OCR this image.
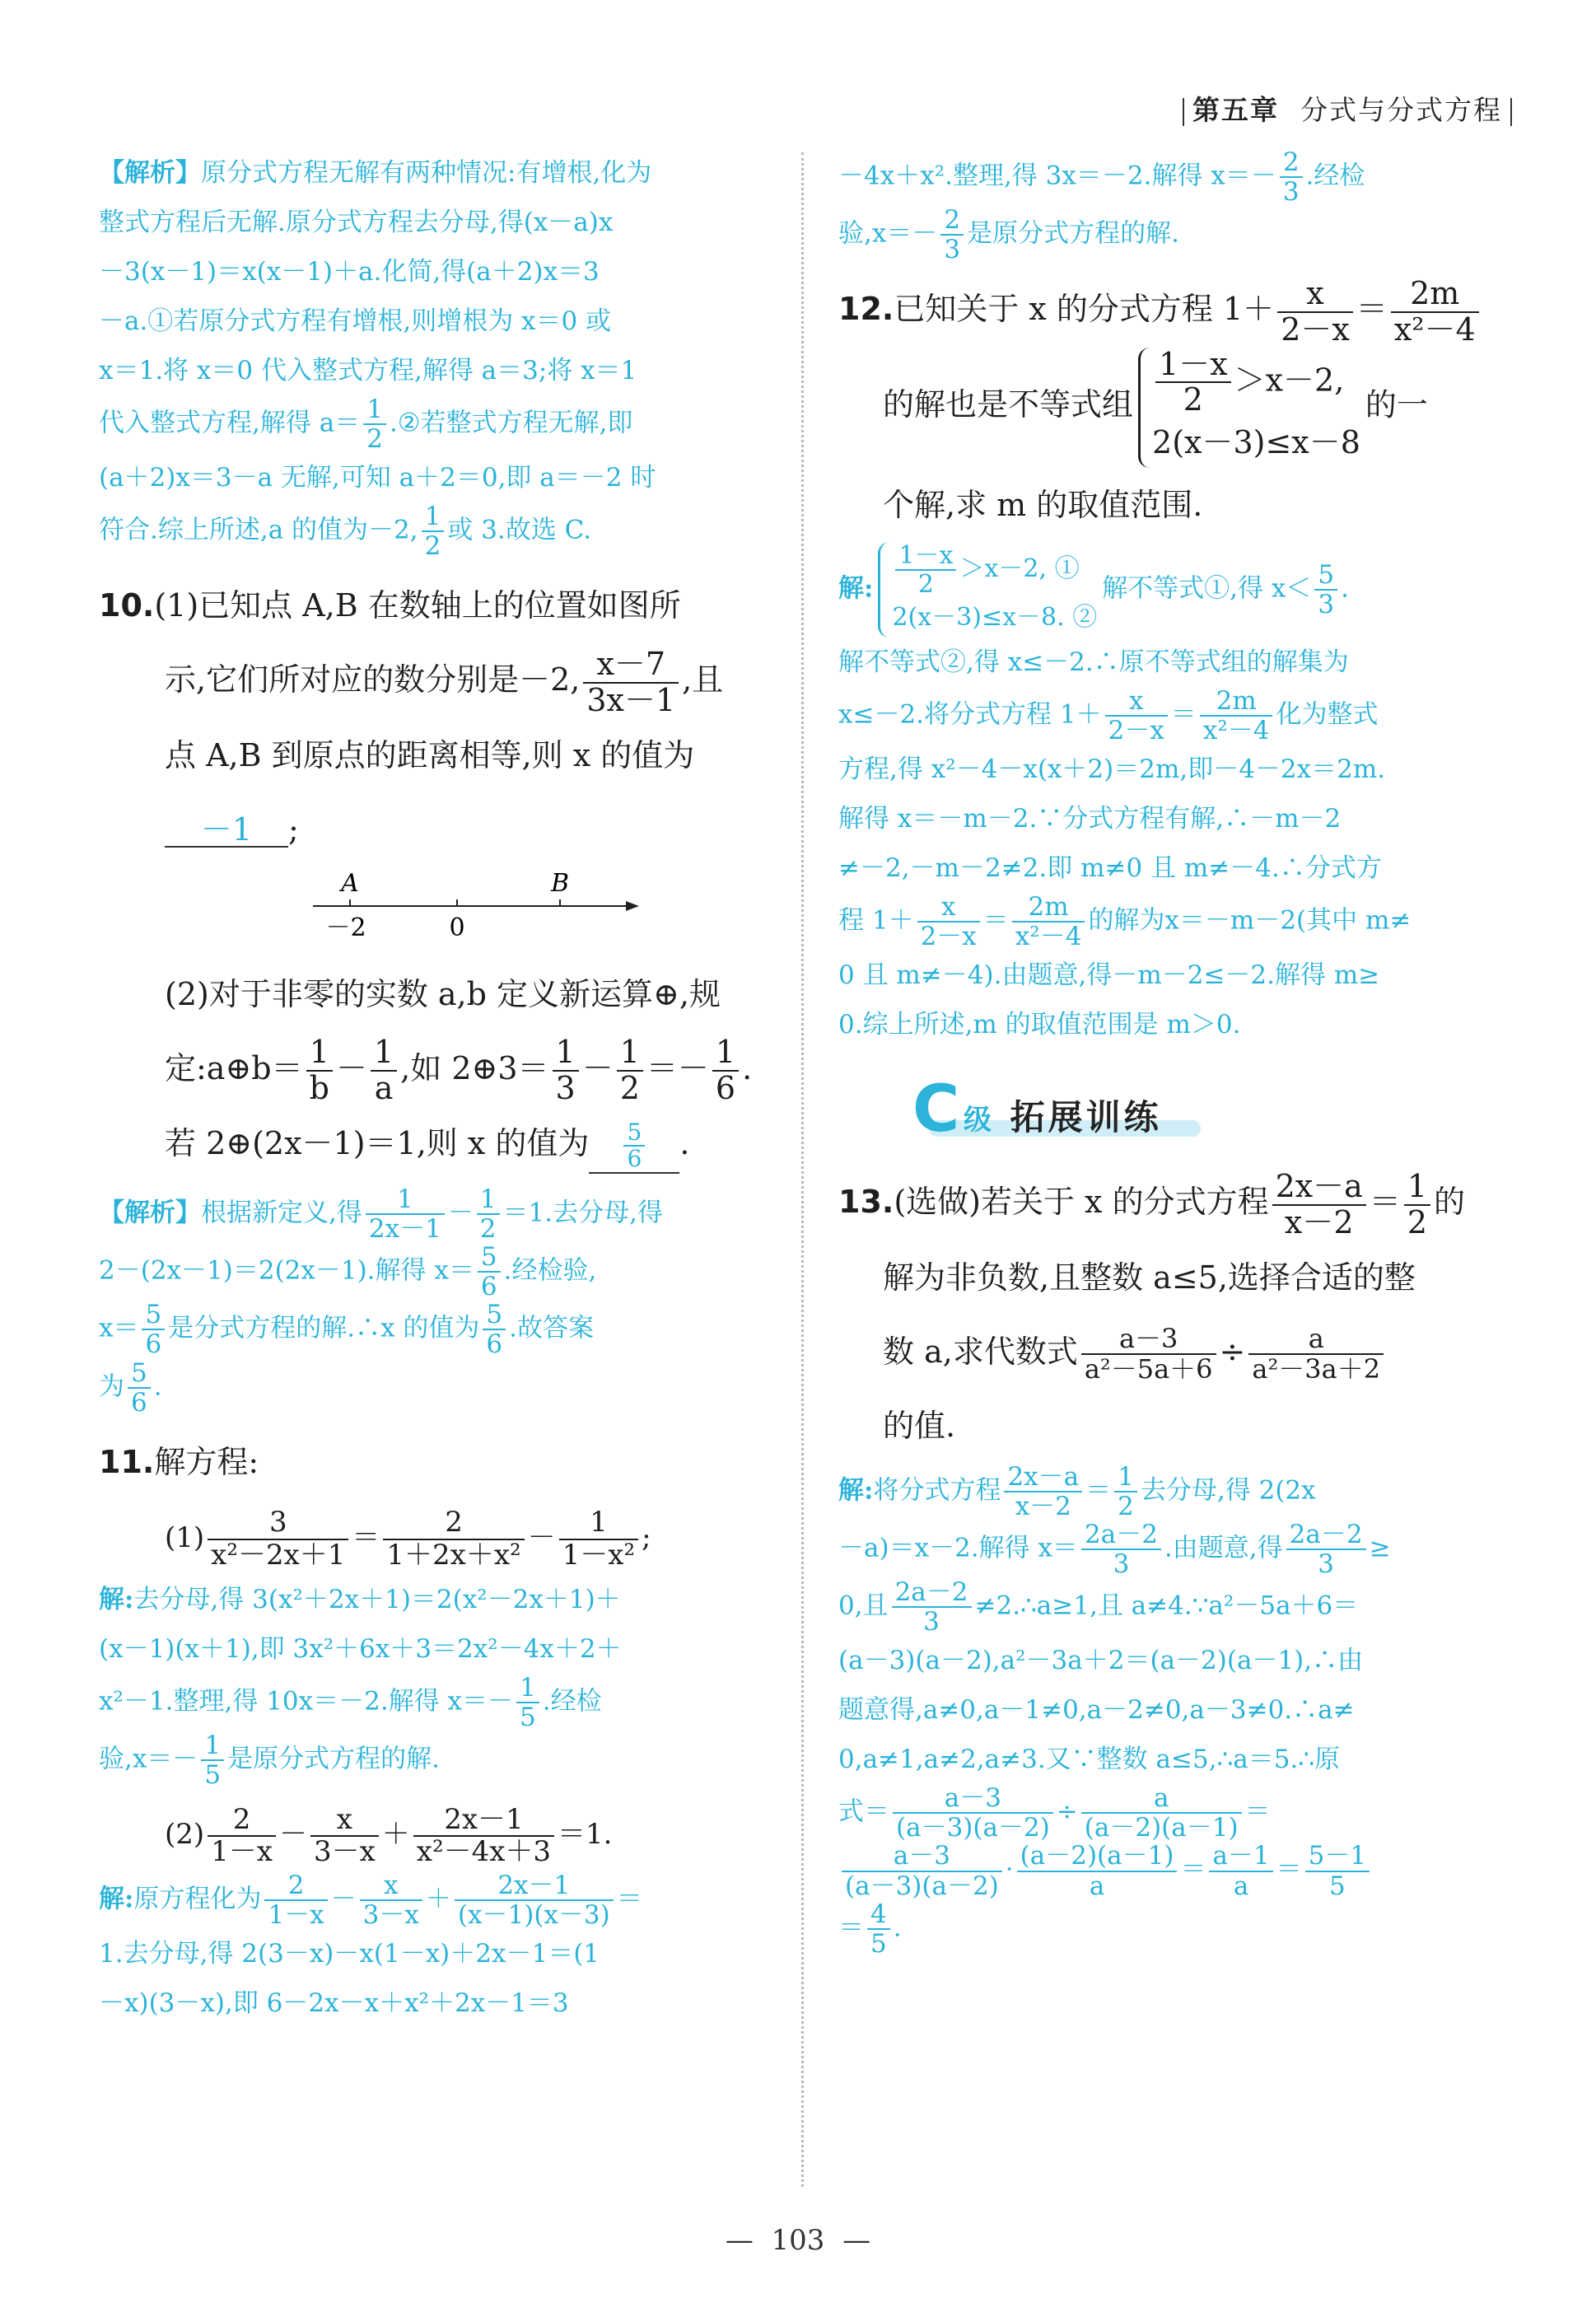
第五章 分式与分式方程
【解析】原分式方程无解有两种情况:有增根,化为
整式方程后无解.原分式方程去分母,得(x－a)x
－3(x－1)＝x(x－1)＋a.化简,得(a＋2)x＝3
－a.①若原分式方程有增根,则增根为 x＝0 或
x＝1.将 x＝0 代入整式方程,解得 a＝3;将 x＝1
代入整式方程,解得 $a= \frac{1}{2}$ .②若整式方程无解,即
(a＋2)x＝3－a 无解,可知 a＋2＝0,即 a＝－2 时
符合.综上所述,a 的值为－2, $\frac{1}{2}$ 或 3.故选 C.
10.(1)已知点 A,B 在数轴上的位置如图所
示,它们所对应的数分别是－2, $\frac{x-7}{3x-1}$ ,且
点 A,B 到原点的距离相等,则 x 的值为
－1 ;
A	B
－2	0
(2)对于非零的实数 a,b 定义新运算⊕,规
定:a⊕b＝ $\frac{1}{b} - \frac{1}{a}$ ,如 2⊕3＝ $\frac{1}{3} - \frac{1}{2} =- \frac{1}{6}$ .
若 2⊕(2x－1)＝1,则 x 的值为 $\frac{5}{6}$ .
【解析】根据新定义,得 $\frac{1}{2x-1} - \frac{1}{2} =1$.去分母,得
2－(2x－1)＝2(2x－1).解得 $x= \frac{5}{6}$ .经检验,
$x= \frac{5}{6}$ 是分式方程的解.∴x 的值为 $\frac{5}{6}$ .故答案
为 $\frac{5}{6}$ .
11.解方程:
$(1) \frac{3}{\text{x²－2x＋1}} = \frac{2}{\text{1＋2x＋x²}} - \frac{1}{\text{1－x²}}$ ;
解:去分母,得 3(x²＋2x＋1)＝2(x²－2x＋1)＋
(x－1)(x＋1),即 3x²＋6x＋3＝2x²－4x＋2＋
x²－1.整理,得 10x＝－2.解得 $x=- \frac{1}{5}$ .经检
验$,x=- \frac{1}{5}$ 是原分式方程的解.
$(2) \frac{2}{1-x} - \frac{x}{3-x} + \frac{2x-1}{\text{x²－4x＋3}} =1$.
解:原方程化为 $\frac{2}{1-x} - \frac{x}{3-x} + \frac{2x-1}{(x-1)(x-3)}$ ＝
1.去分母,得 2(3－x)－x(1－x)＋2x－1＝(1
－x)(3－x),即 6－2x－x＋x²＋2x－1＝3
－4x＋x².整理,得 3x＝－2.解得 $x=- \frac{2}{3}$ .经检
验$,x=- \frac{2}{3}$ 是原分式方程的解.
12.已知关于 x 的分式方程 $1+ \frac{x}{2-x} = \frac{2m}{\text{x²－4}}$

的解也是不等式组 $\frac{1-x}{2} >x-2$,
2(x－3)≤x－8
的一
个解,求 m 的取值范围.
解: $\frac{1-x}{2} >x-2$, ①
2(x－3)≤x－8. ②
解不等式①,得 $x< \frac{5}{3}$ .
解不等式②,得 x≤－2.∴原不等式组的解集为
x≤－2.将分式方程 $1+ \frac{x}{2-x} = \frac{2m}{\text{x²－4}}$ 化为整式
方程,得 x²－4－x(x＋2)＝2m,即－4－2x＝2m.
解得 x＝－m－2.∵分式方程有解,∴－m－2
≠－2,－m－2≠2.即 m≠0 且 m≠－4.∴分式方
程 $1+ \frac{x}{2-x} = \frac{2m}{\text{x²－4}}$ 的解为x＝－m－2(其中 m≠
0 且 m≠－4).由题意,得－m－2≤－2.解得 m≥
0.综上所述,m 的取值范围是 m＞0.
C 级 拓展训练
13.(选做)若关于 x 的分式方程 $\frac{2x-a}{x-2} = \frac{1}{2}$ 的
解为非负数,且整数 a≤5,选择合适的整
数 a,求代数式 $\frac{a-3}{\text{a²－5a＋6}} \div \frac{a}{\text{a²－3a＋2}}$

的值.
解:将分式方程 $\frac{2x-a}{x-2} = \frac{1}{2}$ 去分母,得 2(2x
－a)＝x－2.解得 $x= \frac{2a-2}{3}$ .由题意,得 $\frac{2a-2}{3}$ ≥
0,且 $\frac{2a-2}{3}$ ≠2.∴a≥1,且 a≠4.∵a²－5a＋6＝
(a－3)(a－2),a²－3a＋2＝(a－2)(a－1),∴由
题意得,a≠0,a－1≠0,a－2≠0,a－3≠0.∴a≠
0,a≠1,a≠2,a≠3.又∵整数 a≤5,∴a＝5.∴原
式＝ $\frac{a-3}{(a-3)(a-2)} \div \frac{a}{(a-2)(a-1)}$ ＝

$\frac{a-3}{(a-3)(a-2)} \cdot \frac{(a-2)(a-1)}{a} = \frac{a-1}{a} = \frac{5-1}{5}$

＝ $\frac{4}{5}$ .
— 103 —
